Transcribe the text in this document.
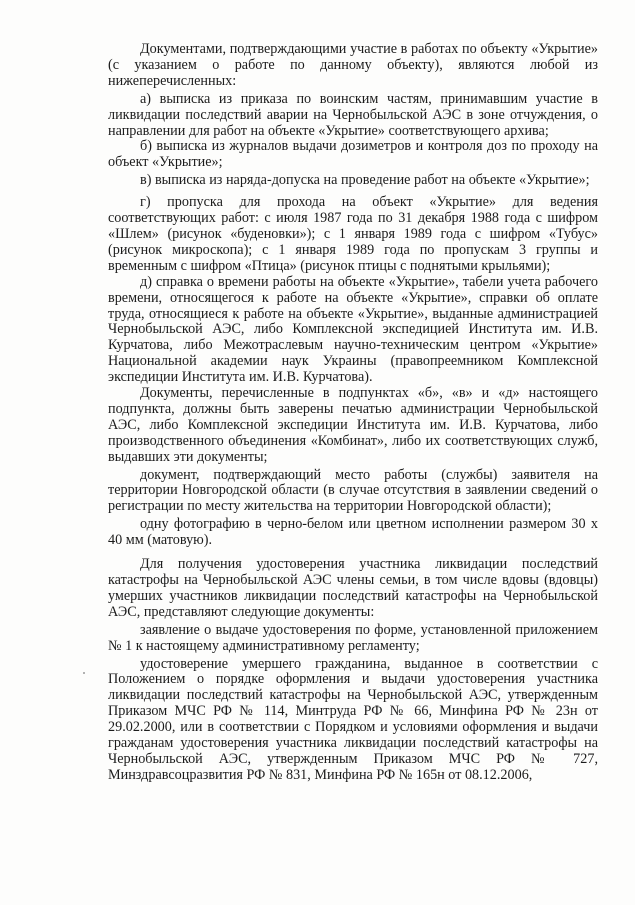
Документами, подтверждающими участие в работах по объекту «Укрытие» (с указанием о работе по данному объекту), являются любой из нижеперечисленных:

а) выписка из приказа по воинским частям, принимавшим участие в ликвидации последствий аварии на Чернобыльской АЭС в зоне отчуждения, о направлении для работ на объекте «Укрытие» соответствующего архива;

б) выписка из журналов выдачи дозиметров и контроля доз по проходу на объект «Укрытие»;

в) выписка из наряда-допуска на проведение работ на объекте «Укрытие»;

г) пропуска для прохода на объект «Укрытие» для ведения соответствующих работ: с июля 1987 года по 31 декабря 1988 года с шифром «Шлем» (рисунок «буденовки»); с 1 января 1989 года с шифром «Тубус» (рисунок микроскопа); с 1 января 1989 года по пропускам 3 группы и временным с шифром «Птица» (рисунок птицы с поднятыми крыльями);

д) справка о времени работы на объекте «Укрытие», табели учета рабочего времени, относящегося к работе на объекте «Укрытие», справки об оплате труда, относящиеся к работе на объекте «Укрытие», выданные администрацией Чернобыльской АЭС, либо Комплексной экспедицией Института им. И.В. Курчатова, либо Межотраслевым научно-техническим центром «Укрытие» Национальной академии наук Украины (правопреемником Комплексной экспедиции Института им. И.В. Курчатова).

Документы, перечисленные в подпунктах «б», «в» и «д» настоящего подпункта, должны быть заверены печатью администрации Чернобыльской АЭС, либо Комплексной экспедиции Института им. И.В. Курчатова, либо производственного объединения «Комбинат», либо их соответствующих служб, выдавших эти документы;

документ, подтверждающий место работы (службы) заявителя на территории Новгородской области (в случае отсутствия в заявлении сведений о регистрации по месту жительства на территории Новгородской области);

одну фотографию в черно-белом или цветном исполнении размером 30 х 40 мм (матовую).

Для получения удостоверения участника ликвидации последствий катастрофы на Чернобыльской АЭС члены семьи, в том числе вдовы (вдовцы) умерших участников ликвидации последствий катастрофы на Чернобыльской АЭС, представляют следующие документы:

заявление о выдаче удостоверения по форме, установленной приложением № 1 к настоящему административному регламенту;

удостоверение умершего гражданина, выданное в соответствии с Положением о порядке оформления и выдачи удостоверения участника ликвидации последствий катастрофы на Чернобыльской АЭС, утвержденным Приказом МЧС РФ № 114, Минтруда РФ № 66, Минфина РФ № 23н от 29.02.2000, или в соответствии с Порядком и условиями оформления и выдачи гражданам удостоверения участника ликвидации последствий катастрофы на Чернобыльской АЭС, утвержденным Приказом МЧС РФ № 727, Минздравсоцразвития РФ № 831, Минфина РФ № 165н от 08.12.2006,
